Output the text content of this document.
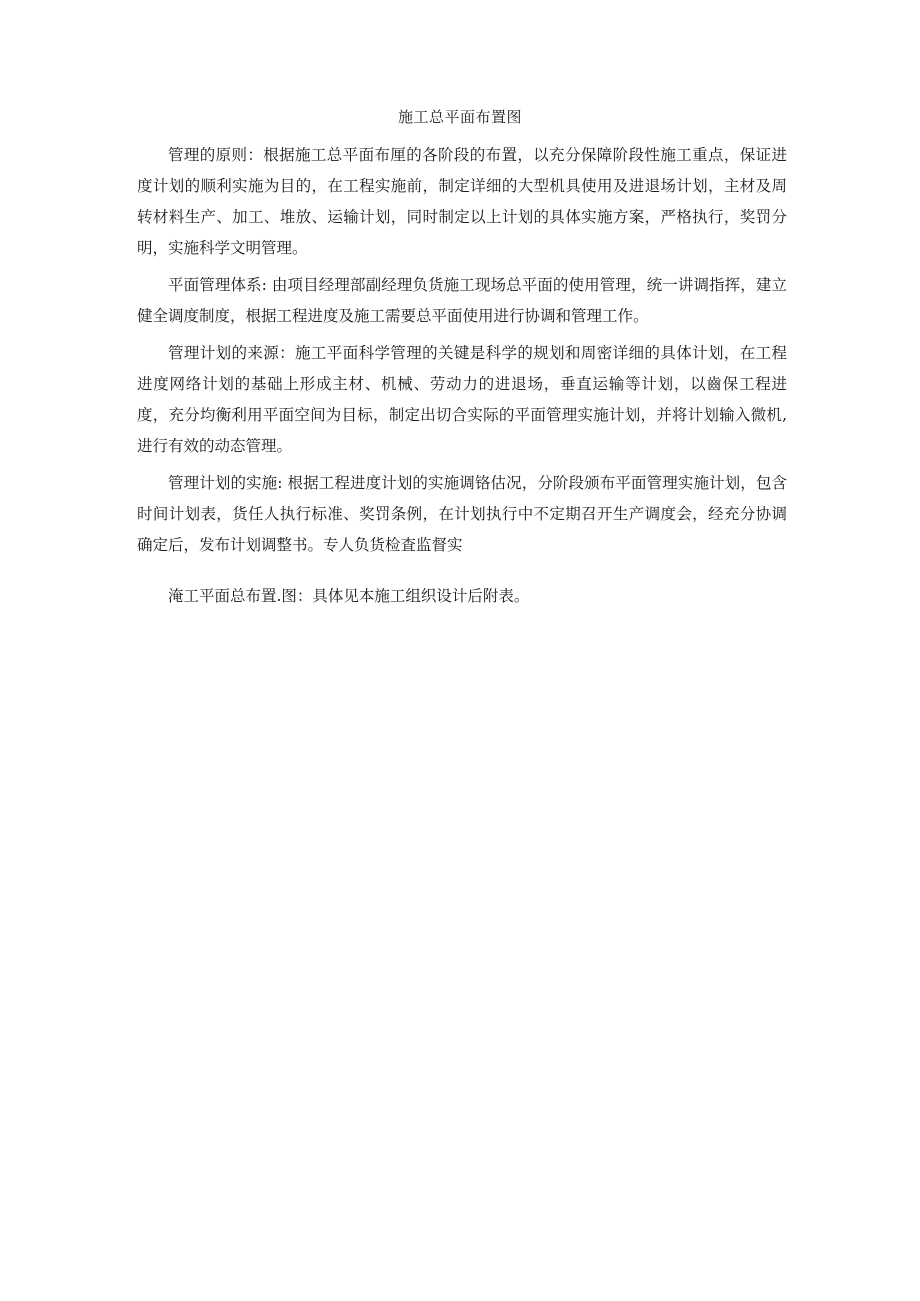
施工总平面布置图

管理的原则：根据施工总平面布厘的各阶段的布置，以充分保障阶段性施工重点，保证进度计划的顺利实施为目的，在工程实施前，制定详细的大型机具使用及进退场计划，主材及周转材料生产、加工、堆放、运输计划，同时制定以上计划的具体实施方案，严格执行，奖罚分明，实施科学文明管理。

平面管理体系: 由项目经理部副经理负货施工现场总平面的使用管理，统一讲调指挥，建立健全调度制度，根据工程进度及施工需要总平面使用进行协调和管理工作。

管理计划的来源：施工平面科学管理的关键是科学的规划和周密详细的具体计划，在工程进度网络计划的基础上形成主材、机械、劳动力的进退场，垂直运输等计划，以齒保工程进度，充分均衡利用平面空间为目标，制定出切合实际的平面管理实施计划，并将计划输入微机,进行有效的动态管理。

管理计划的实施: 根据工程进度计划的实施调铬估况，分阶段颁布平面管理实施计划，包含时间计划表，货任人执行标准、奖罚条例，在计划执行中不定期召开生产调度会，经充分协调确定后，发布计划调整书。专人负货检査监督实

淹工平面总布置.图：具体见本施工组织设计后附表。
